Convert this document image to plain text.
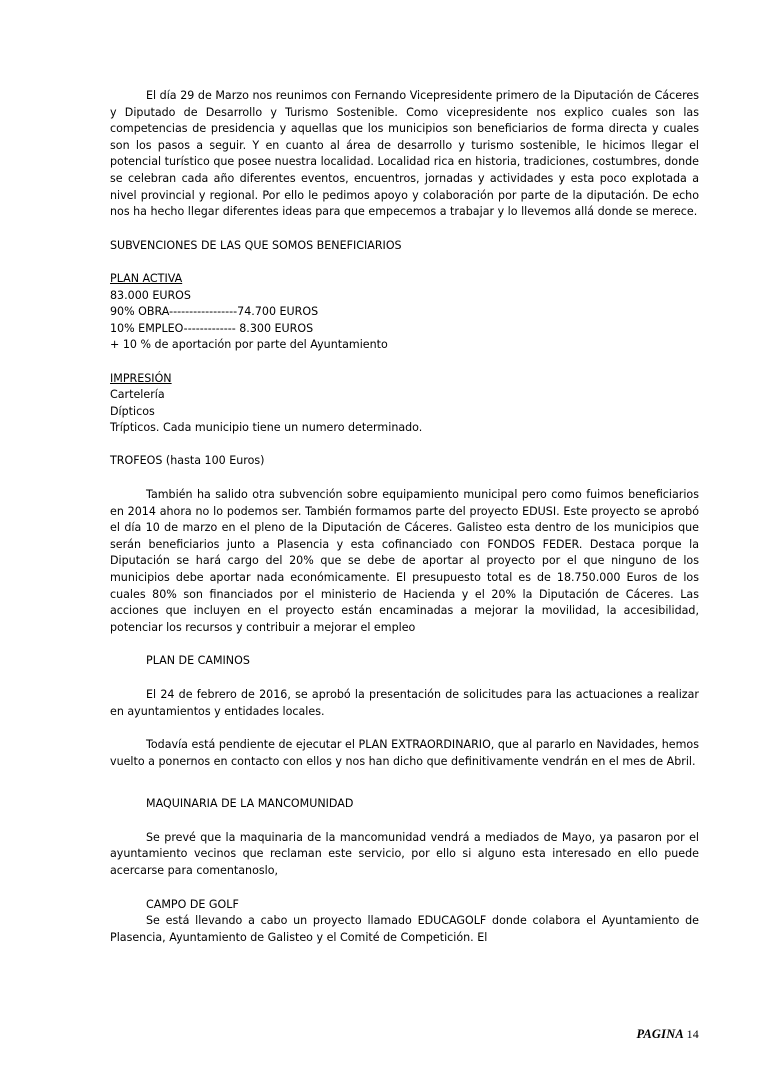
El día 29 de Marzo nos reunimos con Fernando Vicepresidente primero de la Diputación de Cáceres y Diputado de Desarrollo y Turismo Sostenible. Como vicepresidente nos explico cuales son las competencias de presidencia y aquellas que los municipios son beneficiarios de forma directa y cuales son los pasos a seguir. Y en cuanto al área de desarrollo y turismo sostenible, le hicimos llegar el potencial turístico que posee nuestra localidad. Localidad rica en historia, tradiciones, costumbres, donde se celebran cada año diferentes eventos, encuentros, jornadas y actividades y esta poco explotada a nivel provincial y regional. Por ello le pedimos apoyo y colaboración por parte de la diputación. De echo nos ha hecho llegar diferentes ideas para que empecemos a trabajar y lo llevemos allá donde se merece.

SUBVENCIONES DE LAS QUE SOMOS BENEFICIARIOS

PLAN ACTIVA

83.000 EUROS

90% OBRA-----------------74.700 EUROS

10% EMPLEO------------- 8.300 EUROS

+ 10 % de aportación por parte del Ayuntamiento

IMPRESIÓN

Cartelería

Dípticos

Trípticos. Cada municipio tiene un numero determinado.

TROFEOS (hasta 100 Euros)

También ha salido otra subvención sobre equipamiento municipal pero como fuimos beneficiarios en 2014 ahora no lo podemos ser. También formamos parte del proyecto EDUSI. Este proyecto se aprobó el día 10 de marzo en el pleno de la Diputación de Cáceres. Galisteo esta dentro de los municipios que serán beneficiarios junto a Plasencia y esta cofinanciado con FONDOS FEDER. Destaca porque la Diputación se hará cargo del 20% que se debe de aportar al proyecto por el que ninguno de los municipios debe aportar nada económicamente. El presupuesto total es de 18.750.000 Euros de los cuales 80% son financiados por el ministerio de Hacienda y el 20% la Diputación de Cáceres. Las acciones que incluyen en el proyecto están encaminadas a mejorar la movilidad, la accesibilidad, potenciar los recursos y contribuir a mejorar el empleo

PLAN DE CAMINOS

El 24 de febrero de 2016, se aprobó la presentación de solicitudes para las actuaciones a realizar en ayuntamientos y entidades locales.

Todavía está pendiente de ejecutar el PLAN EXTRAORDINARIO, que al pararlo en Navidades, hemos vuelto a ponernos en contacto con ellos y nos han dicho que definitivamente vendrán en el mes de Abril.

MAQUINARIA DE LA MANCOMUNIDAD

Se prevé que la maquinaria de la mancomunidad vendrá a mediados de Mayo, ya pasaron por el ayuntamiento vecinos que reclaman este servicio, por ello si alguno esta interesado en ello puede acercarse para comentanoslo,

CAMPO DE GOLF

Se está llevando a cabo un proyecto llamado EDUCAGOLF donde colabora el Ayuntamiento de Plasencia, Ayuntamiento de Galisteo y el Comité de Competición. El

PAGINA 14
